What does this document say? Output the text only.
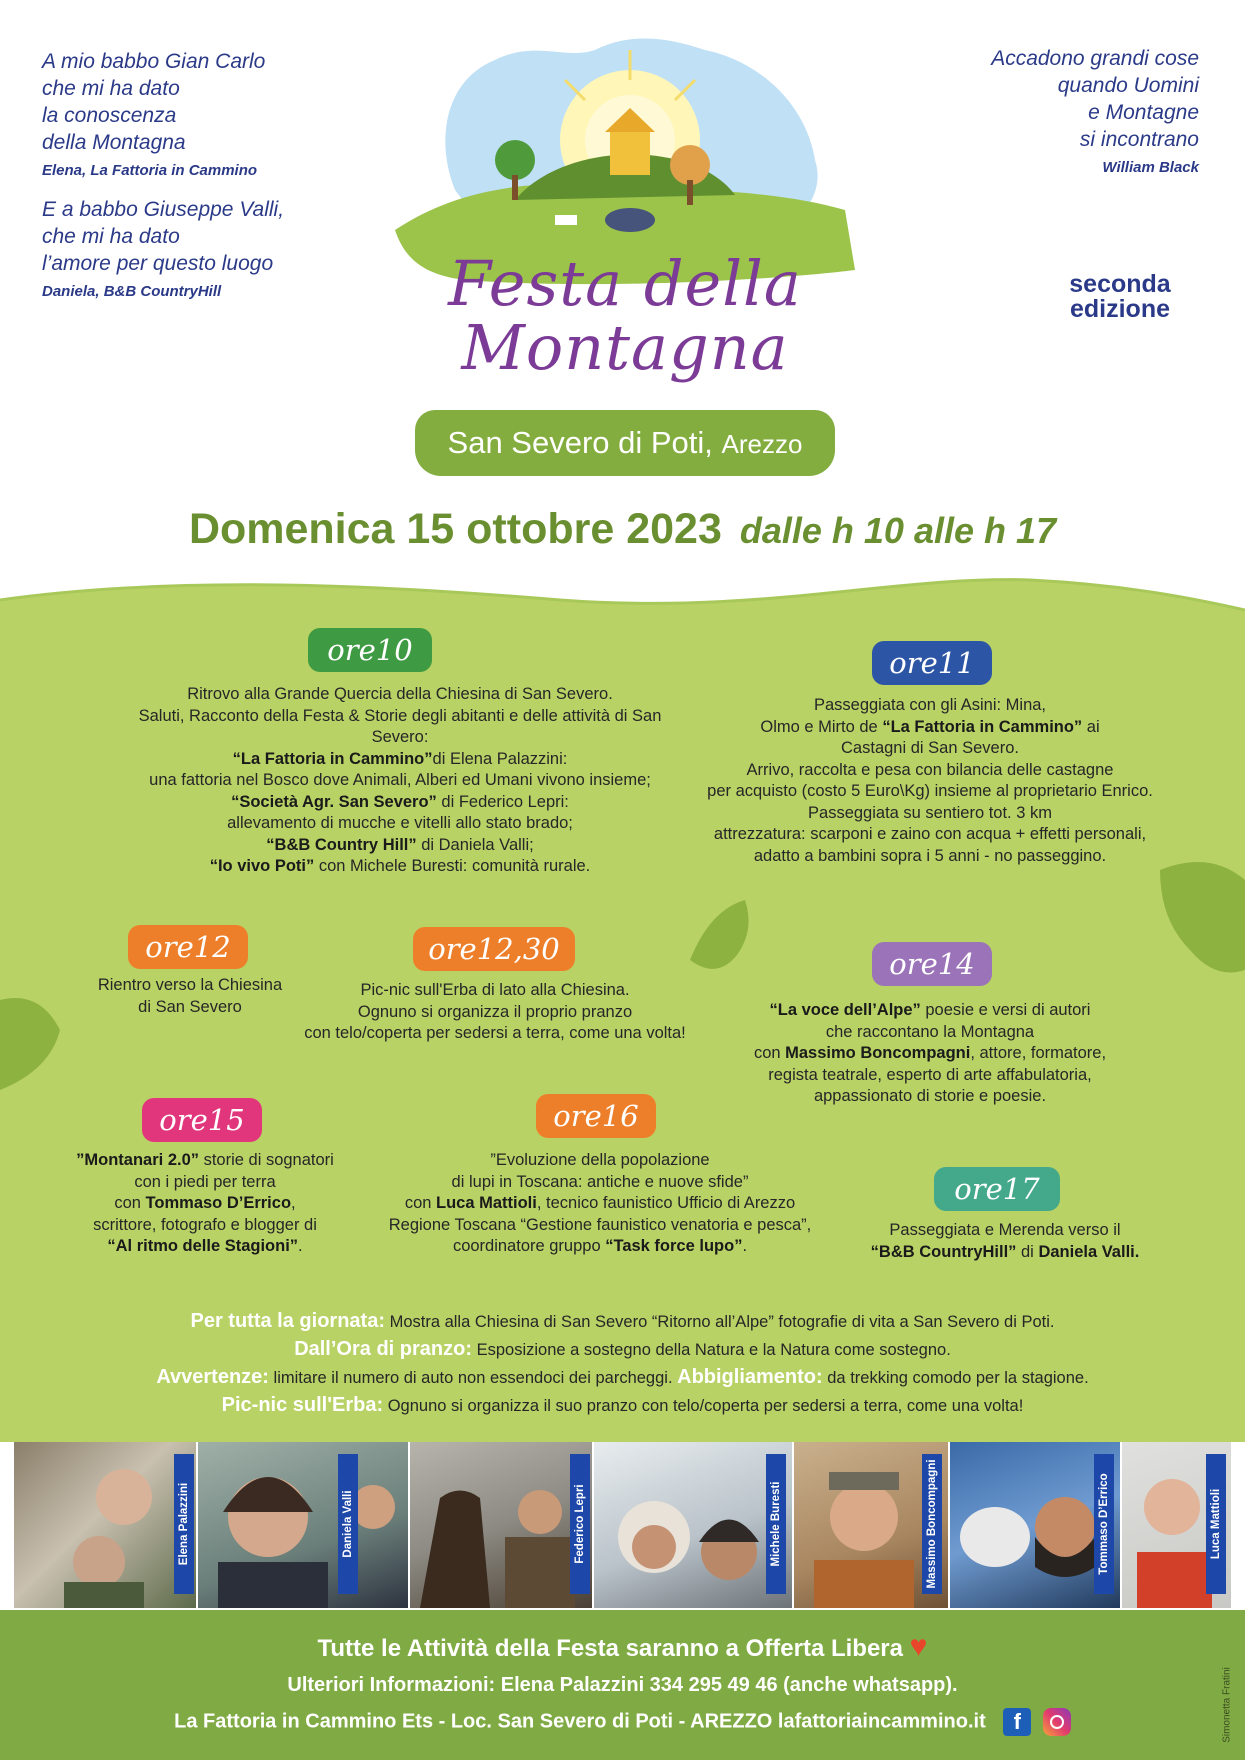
A mio babbo Gian Carlo
che mi ha dato
la conoscenza
della Montagna
Elena, La Fattoria in Cammino
E a babbo Giuseppe Valli,
che mi ha dato
l’amore per questo luogo
Daniela, B&B CountryHill
Accadono grandi cose
quando Uomini
e Montagne
si incontrano
William Black
seconda
edizione
Festa della
Montagna
San Severo di Poti, Arezzo
Domenica 15 ottobre 2023 dalle h 10 alle h 17
ore10
Ritrovo alla Grande Quercia della Chiesina di San Severo.
Saluti, Racconto della Festa & Storie degli abitanti e delle attività di San Severo:
“La Fattoria in Cammino”di Elena Palazzini:
una fattoria nel Bosco dove Animali, Alberi ed Umani vivono insieme;
“Società Agr. San Severo” di Federico Lepri:
allevamento di mucche e vitelli allo stato brado;
“B&B Country Hill” di Daniela Valli;
“Io vivo Poti” con Michele Buresti: comunità rurale.
ore11
Passeggiata con gli Asini: Mina,
Olmo e Mirto de “La Fattoria in Cammino” ai
Castagni di San Severo.
Arrivo, raccolta e pesa con bilancia delle castagne
per acquisto (costo 5 Euro\Kg) insieme al proprietario Enrico.
Passeggiata su sentiero tot. 3 km
attrezzatura: scarponi e zaino con acqua + effetti personali,
adatto a bambini sopra i 5 anni - no passeggino.
ore12
Rientro verso la Chiesina
di San Severo
ore12,30
Pic-nic sull'Erba di lato alla Chiesina.
Ognuno si organizza il proprio pranzo
con telo/coperta per sedersi a terra, come una volta!
ore14
“La voce dell’Alpe” poesie e versi di autori
che raccontano la Montagna
con Massimo Boncompagni, attore, formatore,
regista teatrale, esperto di arte affabulatoria,
appassionato di storie e poesie.
ore15
”Montanari 2.0” storie di sognatori
con i piedi per terra
con Tommaso D’Errico,
scrittore, fotografo e blogger di
“Al ritmo delle Stagioni”.
ore16
”Evoluzione della popolazione
di lupi in Toscana: antiche e nuove sfide”
con Luca Mattioli, tecnico faunistico Ufficio di Arezzo
Regione Toscana “Gestione faunistico venatoria e pesca”,
coordinatore gruppo “Task force lupo”.
ore17
Passeggiata e Merenda verso il
“B&B CountryHill” di Daniela Valli.
Per tutta la giornata: Mostra alla Chiesina di San Severo “Ritorno all’Alpe” fotografie di vita a San Severo di Poti.
Dall’Ora di pranzo: Esposizione a sostegno della Natura e la Natura come sostegno.
Avvertenze: limitare il numero di auto non essendoci dei parcheggi. Abbigliamento: da trekking comodo per la stagione.
Pic-nic sull'Erba: Ognuno si organizza il suo pranzo con telo/coperta per sedersi a terra, come una volta!
Elena Palazzini	Daniela Valli	Federico Lepri	Michele Buresti	Massimo Boncompagni	Tommaso D’Errico	Luca Mattioli
Tutte le Attività della Festa saranno a Offerta Libera ♥
Ulteriori Informazioni: Elena Palazzini 334 295 49 46 (anche whatsapp).
La Fattoria in Cammino Ets - Loc. San Severo di Poti - AREZZO lafattoriaincammino.it f	Simonetta Fratini
